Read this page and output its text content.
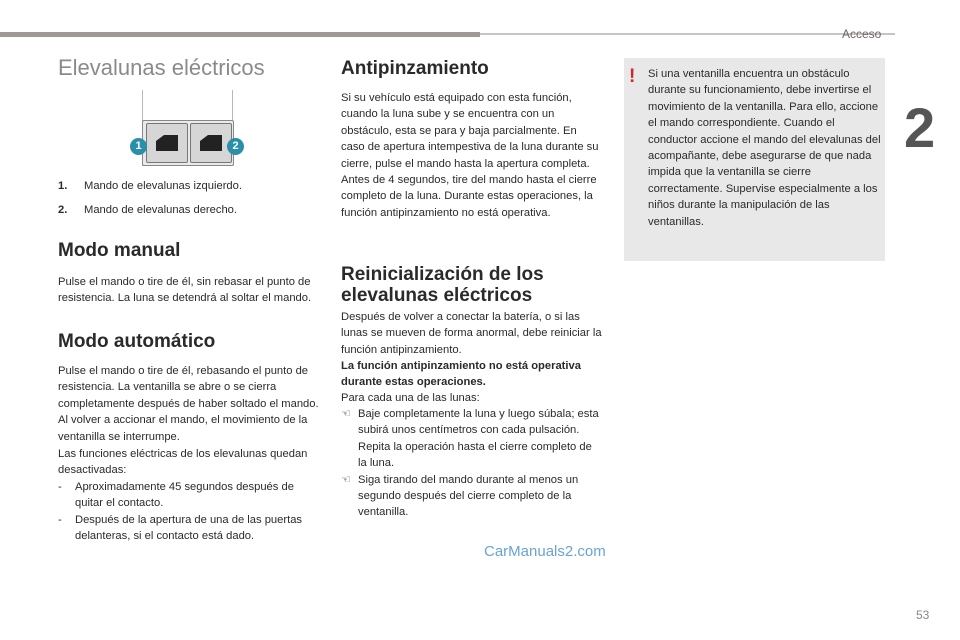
Acceso
2
Elevalunas eléctricos
1	2
1. Mando de elevalunas izquierdo.
2. Mando de elevalunas derecho.
Modo manual

Pulse el mando o tire de él, sin rebasar el punto de resistencia. La luna se detendrá al soltar el mando.

Modo automático

Pulse el mando o tire de él, rebasando el punto de resistencia. La ventanilla se abre o se cierra completamente después de haber soltado el mando. Al volver a accionar el mando, el movimiento de la ventanilla se interrumpe.

Las funciones eléctricas de los elevalunas quedan desactivadas:

- Aproximadamente 45 segundos después de quitar el contacto.
- Después de la apertura de una de las puertas delanteras, si el contacto está dado.
Antipinzamiento

Si su vehículo está equipado con esta función, cuando la luna sube y se encuentra con un obstáculo, esta se para y baja parcialmente. En caso de apertura intempestiva de la luna durante su cierre, pulse el mando hasta la apertura completa. Antes de 4 segundos, tire del mando hasta el cierre completo de la luna. Durante estas operaciones, la función antipinzamiento no está operativa.

Reinicialización de los
elevalunas eléctricos

Después de volver a conectar la batería, o si las lunas se mueven de forma anormal, debe reiniciar la función antipinzamiento.

La función antipinzamiento no está operativa durante estas operaciones.

Para cada una de las lunas:

☜ Baje completamente la luna y luego súbala; esta subirá unos centímetros con cada pulsación. Repita la operación hasta el cierre completo de la luna.
☜ Siga tirando del mando durante al menos un segundo después del cierre completo de la ventanilla.
! Si una ventanilla encuentra un obstáculo durante su funcionamiento, debe invertirse el movimiento de la ventanilla. Para ello, accione el mando correspondiente. Cuando el conductor accione el mando del elevalunas del acompañante, debe asegurarse de que nada impida que la ventanilla se cierre correctamente. Supervise especialmente a los niños durante la manipulación de las ventanillas.

CarManuals2.com
53
